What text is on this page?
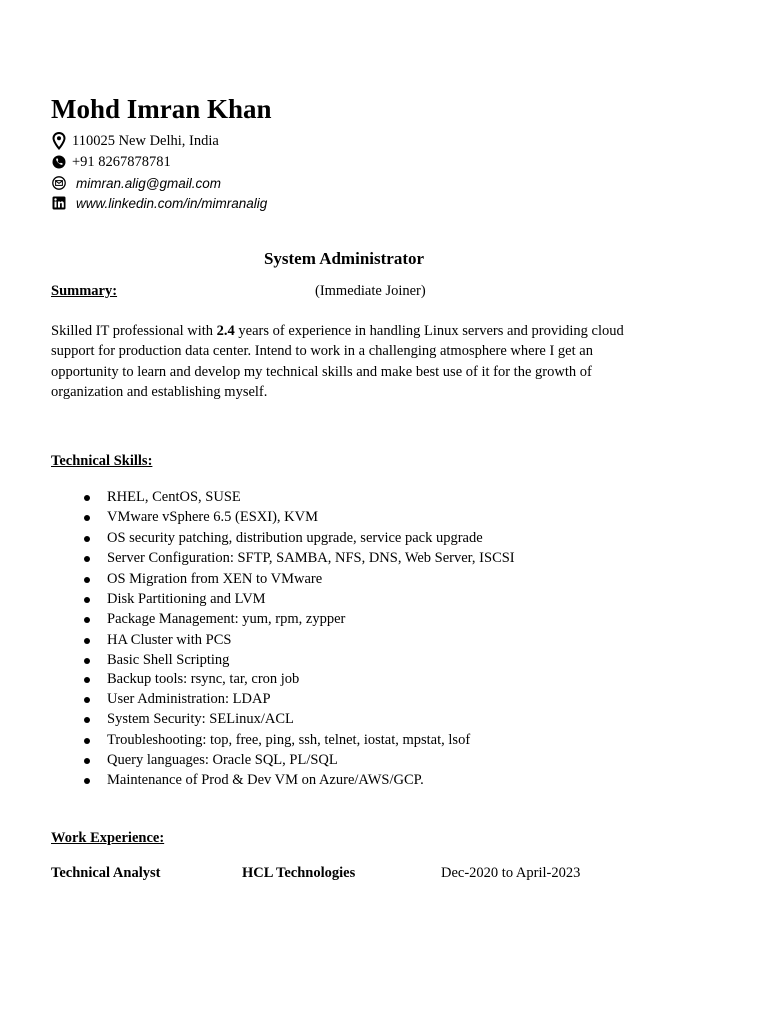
Mohd Imran Khan
110025 New Delhi, India
+91 8267878781
mimran.alig@gmail.com
www.linkedin.com/in/mimranalig
System Administrator
Summary:	(Immediate Joiner)

Skilled IT professional with 2.4 years of experience in handling Linux servers and providing cloud support for production data center. Intend to work in a challenging atmosphere where I get an opportunity to learn and develop my technical skills and make best use of it for the growth of organization and establishing myself.

Technical Skills:
RHEL, CentOS, SUSE
VMware vSphere 6.5 (ESXI), KVM
OS security patching, distribution upgrade, service pack upgrade
Server Configuration: SFTP, SAMBA, NFS, DNS, Web Server, ISCSI
OS Migration from XEN to VMware
Disk Partitioning and LVM
Package Management: yum, rpm, zypper
HA Cluster with PCS
Basic Shell Scripting
Backup tools: rsync, tar, cron job
User Administration: LDAP
System Security: SELinux/ACL
Troubleshooting: top, free, ping, ssh, telnet, iostat, mpstat, lsof
Query languages: Oracle SQL, PL/SQL
Maintenance of Prod & Dev VM on Azure/AWS/GCP.
Work Experience:
Technical Analyst	HCL Technologies	Dec-2020 to April-2023
